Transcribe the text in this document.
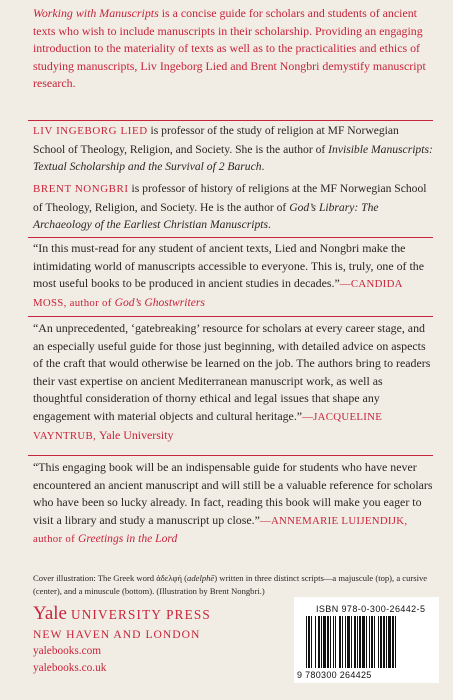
Working with Manuscripts is a concise guide for scholars and students of ancient texts who wish to include manuscripts in their scholarship. Providing an engaging introduction to the materiality of texts as well as to the practicalities and ethics of studying manuscripts, Liv Ingeborg Lied and Brent Nongbri demystify manuscript research.

LIV INGEBORG LIED is professor of the study of religion at MF Norwegian School of Theology, Religion, and Society. She is the author of Invisible Manuscripts: Textual Scholarship and the Survival of 2 Baruch.

BRENT NONGBRI is professor of history of religions at the MF Norwegian School of Theology, Religion, and Society. He is the author of God’s Library: The Archaeology of the Earliest Christian Manuscripts.

“In this must-read for any student of ancient texts, Lied and Nongbri make the intimidating world of manuscripts accessible to everyone. This is, truly, one of the most useful books to be produced in ancient studies in decades.”—CANDIDA MOSS, author of God’s Ghostwriters

“An unprecedented, ‘gatebreaking’ resource for scholars at every career stage, and an especially useful guide for those just beginning, with detailed advice on aspects of the craft that would otherwise be learned on the job. The authors bring to readers their vast expertise on ancient Mediterranean manuscript work, as well as thoughtful consideration of thorny ethical and legal issues that shape any engagement with material objects and cultural heritage.”—JACQUELINE VAYNTRUB, Yale University

“This engaging book will be an indispensable guide for students who have never encountered an ancient manuscript and will still be a valuable reference for scholars who have been so lucky already. In fact, reading this book will make you eager to visit a library and study a manuscript up close.”—ANNEMARIE LUIJENDIJK, author of Greetings in the Lord

Cover illustration: The Greek word ἀδελφή (adelphē) written in three distinct scripts—a majuscule (top), a cursive (center), and a minuscule (bottom). (Illustration by Brent Nongbri.)

Yale UNIVERSITY PRESS
NEW HAVEN AND LONDON
yalebooks.com
yalebooks.co.uk
ISBN 978-0-300-26442-5
9 780300 264425
